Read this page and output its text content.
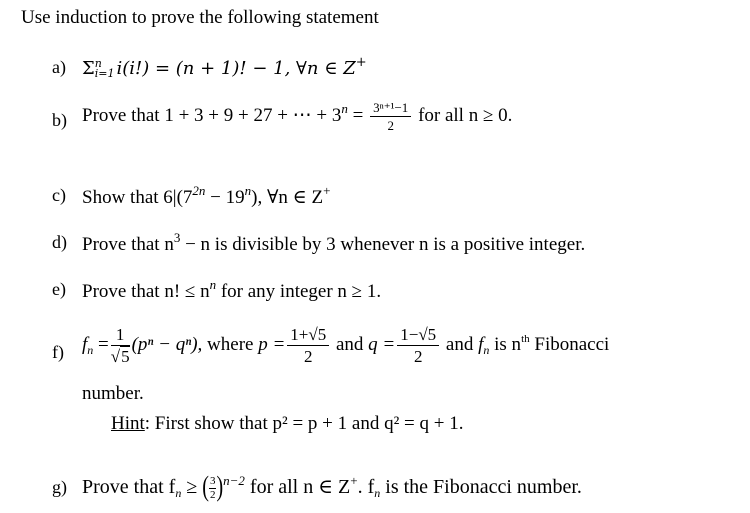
Use induction to prove the following statement
a) Σ n
i=1 i(i!) = (n + 1)! − 1, ∀n ∈ Z+
b) Prove that 1 + 3 + 9 + 27 + ⋯ + $3^n = \frac{\text{3ⁿ⁺¹−1}}{2}$ for all n ≥ 0.
c) Show that $6|(7^{2n} - 19^n)$, ∀n ∈ Z+
d) Prove that $n^3 - n$ is divisible by 3 whenever n is a positive integer.
e) Prove that n! ≤ $n^n$ for any integer n ≥ 1.
f) $f_n = \frac{1}{√5} (p^n - q^n)$, where $p = \frac{1+√5}{2}$ and $q = \frac{1-√5}{2}$ and $f_n$ is $n^{th}$ Fibonacci
number.
Hint: First show that p² = p + 1 and q² = q + 1.
g) Prove that $f_n$ ≥ ( $\frac{3}{2} )^{n-2}$ for all n ∈ Z+. $f_n$ is the Fibonacci number.
